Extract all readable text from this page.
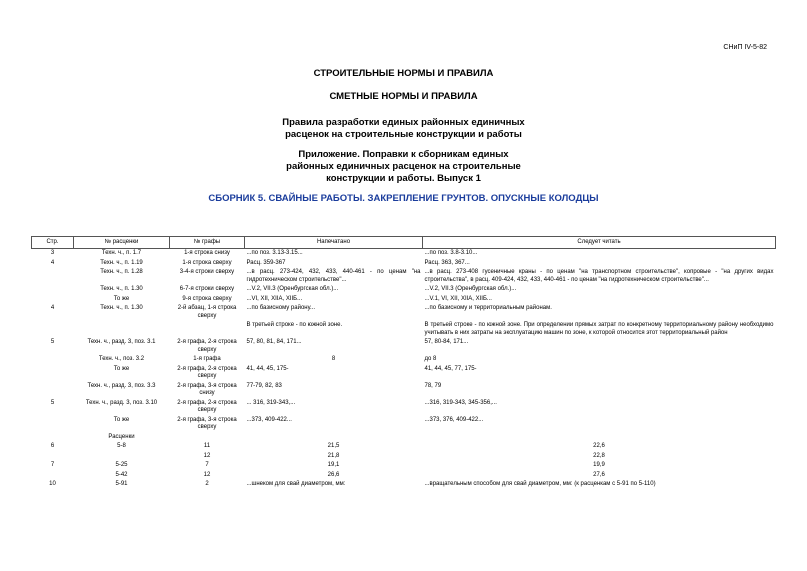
СНиП IV-5-82
СТРОИТЕЛЬНЫЕ НОРМЫ И ПРАВИЛА
СМЕТНЫЕ НОРМЫ И ПРАВИЛА
Правила разработки единых районных единичных
расценок на строительные конструкции и работы
Приложение. Поправки к сборникам единых
районных единичных расценок на строительные
конструкции и работы. Выпуск 1
СБОРНИК 5. СВАЙНЫЕ РАБОТЫ. ЗАКРЕПЛЕНИЕ ГРУНТОВ. ОПУСКНЫЕ КОЛОДЦЫ
Стр.	№ расценки	№ графы	Напечатано	Следует читать
3	Техн. ч., п. 1.7	1-я строка снизу	...по поз. 3.13-3.15...	...по поз. 3.8-3.10...
4	Техн. ч., п. 1.19	1-я строка сверху	Расц. 359-367	Расц. 363, 367...
	Техн. ч., п. 1.28	3-4-я строки сверху	...в расц. 273-424, 432, 433, 440-461 - по ценам "на гидротехническом строительстве"...	...в расц. 273-408 гусеничные краны - по ценам "на транспортном строительстве", копровые - "на других видах строительства", в расц. 409-424, 432, 433, 440-461 - по ценам "на гидротехническом строительстве"...
	Техн. ч., п. 1.30	6-7-я строки сверху	...V.2, VII.3 (Оренбургская обл.)...	...V.2, VII.3 (Оренбургская обл.)...
	То же	9-я строка сверху	...VI, XII, XIIA, XIIБ...	...V.1, VI, XII, XIIA, XIIБ...
4	Техн. ч., п. 1.30	2-й абзац, 1-я строка сверху	...по базисному району...	...по базисному и территориальным районам.
			В третьей строке - по южной зоне.	В третьей строке - по южной зоне. При определении прямых затрат по конкретному территориальному району необходимо учитывать в них затраты на эксплуатацию машин по зоне, к которой относится этот территориальный район
5	Техн. ч., разд. 3, поз. 3.1	2-я графа, 2-я строка сверху	57, 80, 81, 84, 171...	57, 80-84, 171...
	Техн. ч., поз. 3.2	1-я графа	8	до 8
	То же	2-я графа, 2-я строка сверху	41, 44, 45, 175-	41, 44, 45, 77, 175-
	Техн. ч., разд. 3, поз. 3.3	2-я графа, 3-я строка снизу	77-79, 82, 83	78, 79
5	Техн. ч., разд. 3, поз. 3.10	2-я графа, 2-я строка сверху	... 316, 319-343,...	...316, 319-343, 345-356,...
	То же	2-я графа, 3-я строка сверху	...373, 409-422...	...373, 376, 409-422...
	Расценки			
6	5-8	11	21,5	22,6
		12	21,8	22,8
7	5-25	7	19,1	19,9
	5-42	12	26,6	27,6
10	5-91	2	...шнеком для свай диаметром, мм:	...вращательным способом для свай диаметром, мм: (к расценкам с 5-91 по 5-110)
